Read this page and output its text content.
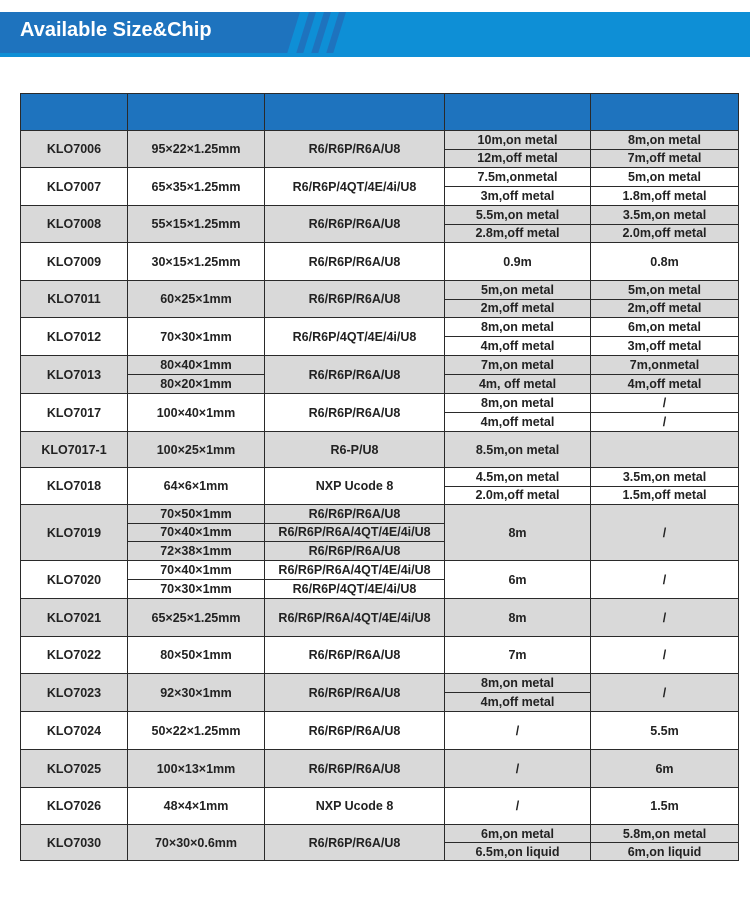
Available Size&Chip

KLO7006	95×22×1.25mm	R6/R6P/R6A/U8	10m,on metal	8m,on metal
			12m,off metal	7m,off metal
KLO7007	65×35×1.25mm	R6/R6P/4QT/4E/4i/U8	7.5m,onmetal	5m,on metal
			3m,off metal	1.8m,off metal
KLO7008	55×15×1.25mm	R6/R6P/R6A/U8	5.5m,on metal	3.5m,on metal
			2.8m,off metal	2.0m,off metal
KLO7009	30×15×1.25mm	R6/R6P/R6A/U8	0.9m	0.8m
KLO7011	60×25×1mm	R6/R6P/R6A/U8	5m,on metal	5m,on metal
			2m,off metal	2m,off metal
KLO7012	70×30×1mm	R6/R6P/4QT/4E/4i/U8	8m,on metal	6m,on metal
			4m,off metal	3m,off metal
KLO7013	80×40×1mm	R6/R6P/R6A/U8	7m,on metal	7m,onmetal
	80×20×1mm		4m, off metal	4m,off metal
KLO7017	100×40×1mm	R6/R6P/R6A/U8	8m,on metal	/
			4m,off metal	/
KLO7017-1	100×25×1mm	R6-P/U8	8.5m,on metal	
KLO7018	64×6×1mm	NXP Ucode 8	4.5m,on metal	3.5m,on metal
			2.0m,off metal	1.5m,off metal
KLO7019	70×50×1mm	R6/R6P/R6A/U8	8m	/
	70×40×1mm	R6/R6P/R6A/4QT/4E/4i/U8		
	72×38×1mm	R6/R6P/R6A/U8		
KLO7020	70×40×1mm	R6/R6P/R6A/4QT/4E/4i/U8	6m	/
	70×30×1mm	R6/R6P/4QT/4E/4i/U8		
KLO7021	65×25×1.25mm	R6/R6P/R6A/4QT/4E/4i/U8	8m	/
KLO7022	80×50×1mm	R6/R6P/R6A/U8	7m	/
KLO7023	92×30×1mm	R6/R6P/R6A/U8	8m,on metal	/
			4m,off metal	
KLO7024	50×22×1.25mm	R6/R6P/R6A/U8	/	5.5m
KLO7025	100×13×1mm	R6/R6P/R6A/U8	/	6m
KLO7026	48×4×1mm	NXP Ucode 8	/	1.5m
KLO7030	70×30×0.6mm	R6/R6P/R6A/U8	6m,on metal	5.8m,on metal
			6.5m,on liquid	6m,on liquid
